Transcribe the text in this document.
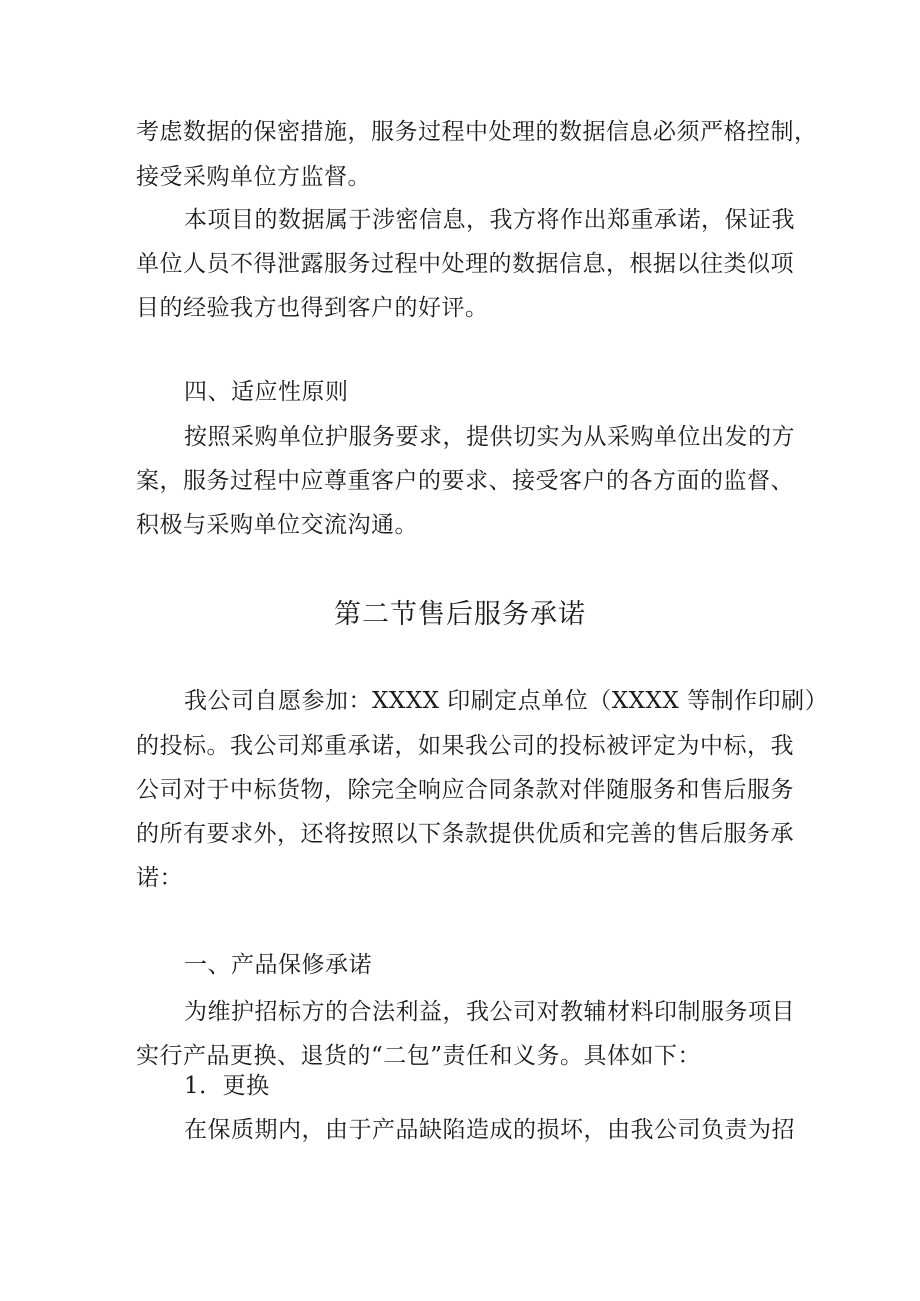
考虑数据的保密措施，服务过程中处理的数据信息必须严格控制，
接受采购单位方监督。
本项目的数据属于涉密信息，我方将作出郑重承诺，保证我
单位人员不得泄露服务过程中处理的数据信息，根据以往类似项
目的经验我方也得到客户的好评。
四、适应性原则
按照采购单位护服务要求，提供切实为从采购单位出发的方
案，服务过程中应尊重客户的要求、接受客户的各方面的监督、
积极与采购单位交流沟通。
第二节售后服务承诺
我公司自愿参加：XXXX 印刷定点单位（XXXX 等制作印刷）
的投标。我公司郑重承诺，如果我公司的投标被评定为中标，我
公司对于中标货物，除完全响应合同条款对伴随服务和售后服务
的所有要求外，还将按照以下条款提供优质和完善的售后服务承
诺：
一、产品保修承诺
为维护招标方的合法利益，我公司对教辅材料印制服务项目
实行产品更换、退货的“二包”责任和义务。具体如下：
1．更换
在保质期内，由于产品缺陷造成的损坏，由我公司负责为招
